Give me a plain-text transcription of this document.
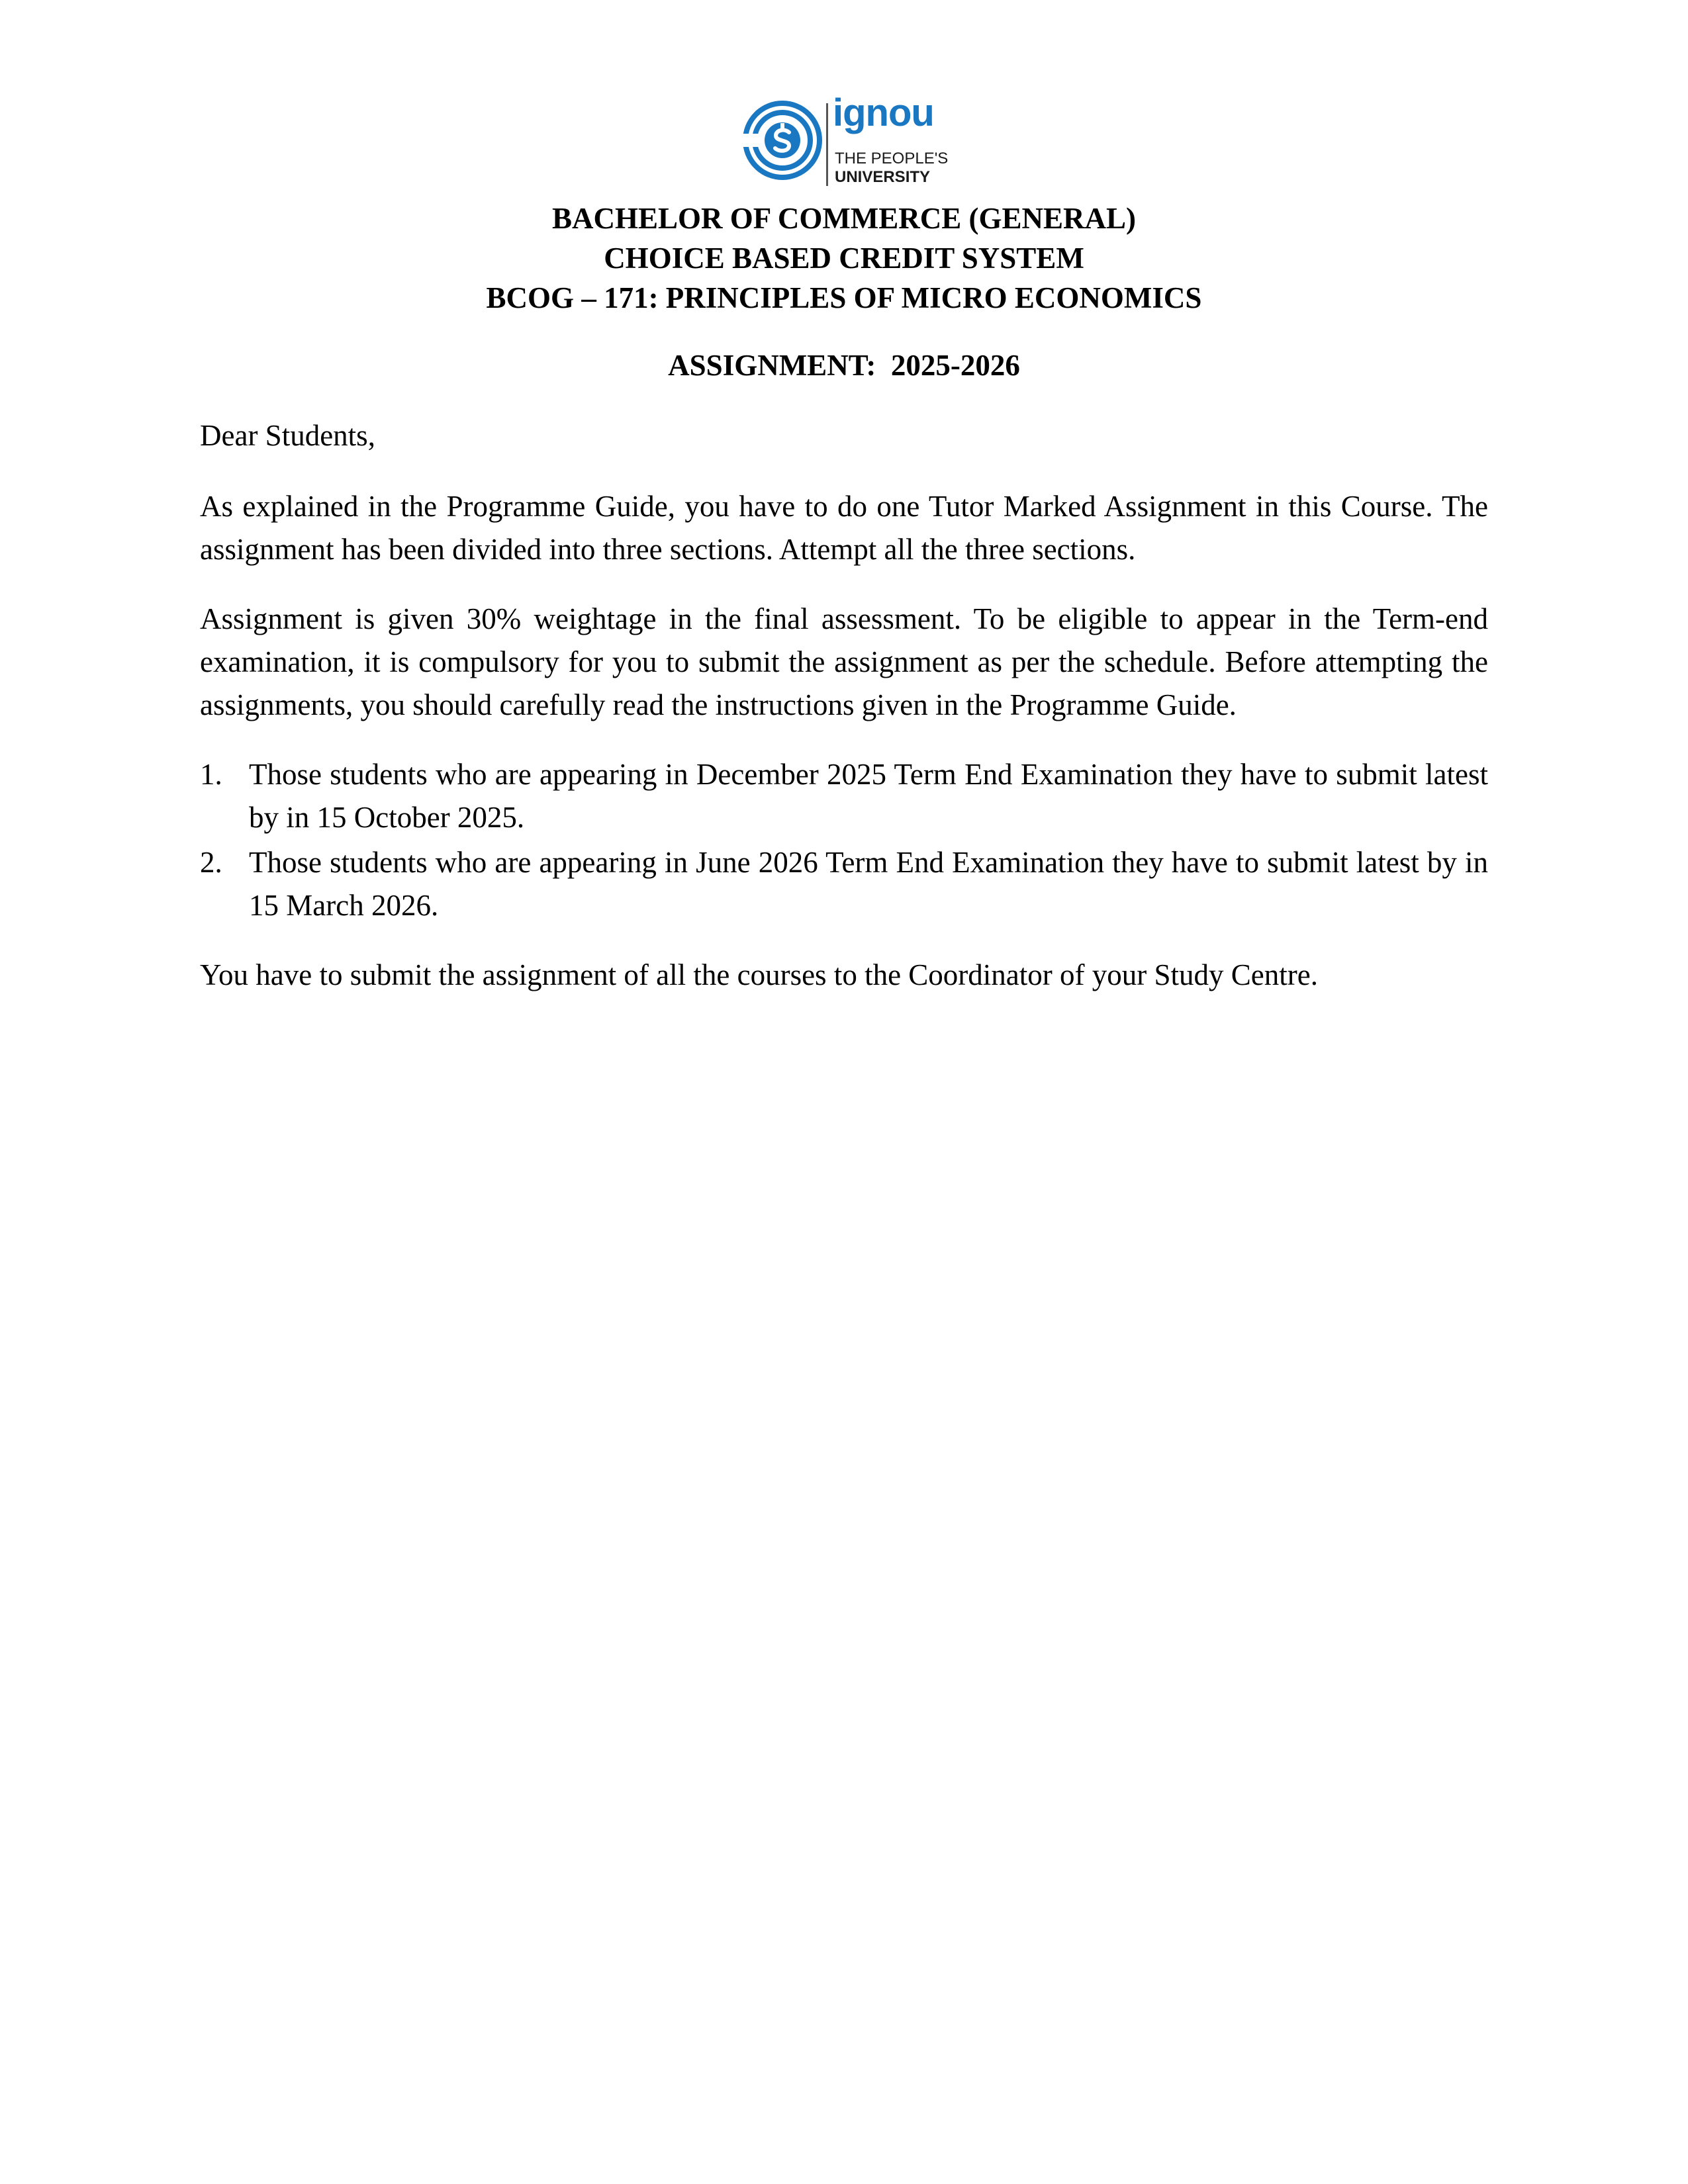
ignou
THE PEOPLE'S
UNIVERSITY
BACHELOR OF COMMERCE (GENERAL)
CHOICE BASED CREDIT SYSTEM
BCOG – 171: PRINCIPLES OF MICRO ECONOMICS
ASSIGNMENT:  2025-2026

Dear Students,

As explained in the Programme Guide, you have to do one Tutor Marked Assignment in this Course. The assignment has been divided into three sections. Attempt all the three sections.

Assignment is given 30% weightage in the final assessment. To be eligible to appear in the Term-end examination, it is compulsory for you to submit the assignment as per the schedule. Before attempting the assignments, you should carefully read the instructions given in the Programme Guide.

1. Those students who are appearing in December 2025 Term End Examination they have to submit latest by in 15 October 2025.
2. Those students who are appearing in June 2026 Term End Examination they have to submit latest by in 15 March 2026.

You have to submit the assignment of all the courses to the Coordinator of your Study Centre.
